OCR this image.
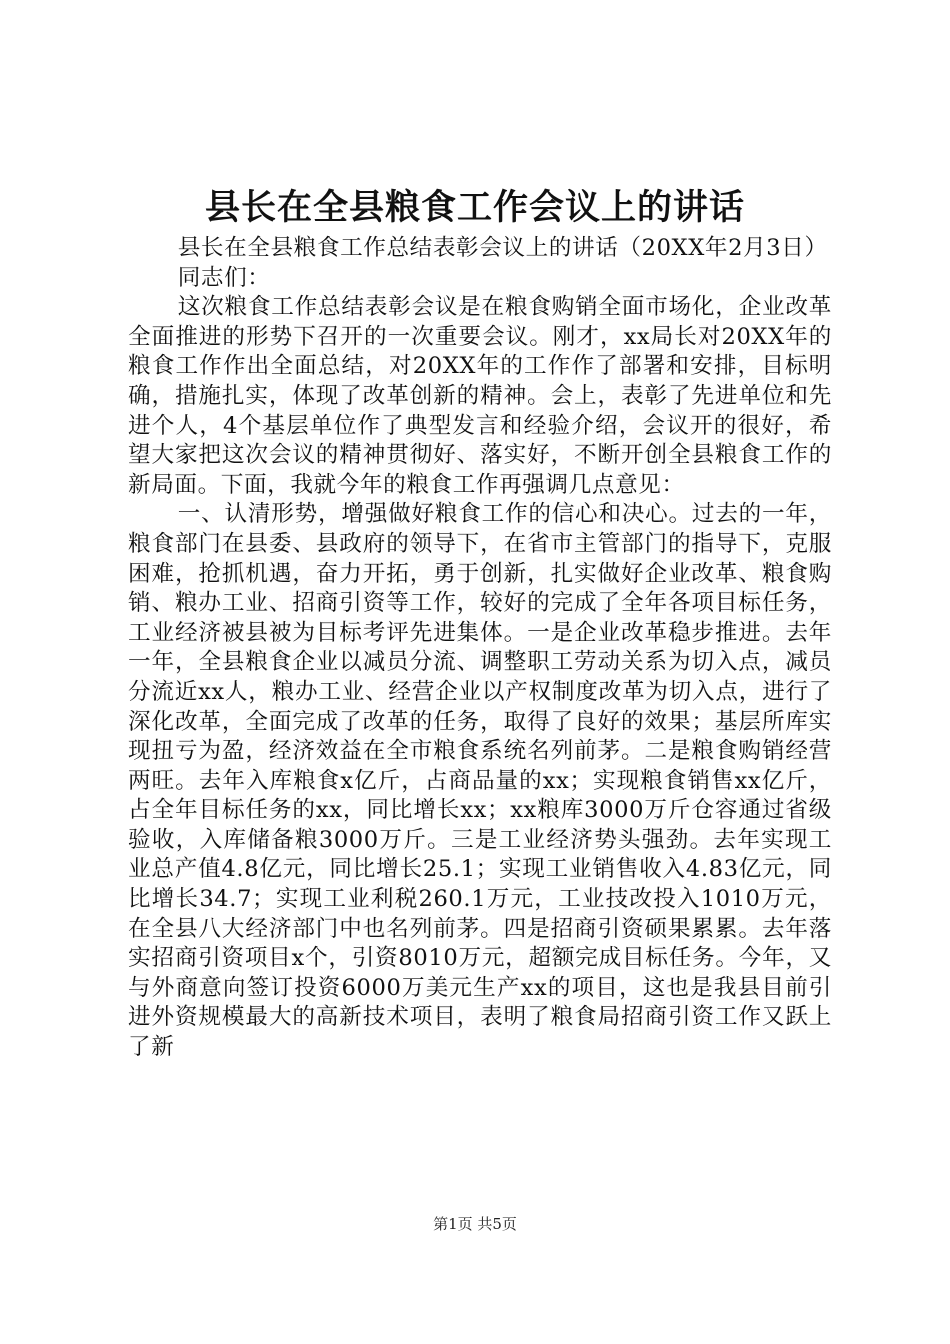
县长在全县粮食工作会议上的讲话

县长在全县粮食工作总结表彰会议上的讲话（20XX年2月3日）

同志们：

这次粮食工作总结表彰会议是在粮食购销全面市场化，企业改革全面推进的形势下召开的一次重要会议。刚才，xx局长对20XX年的粮食工作作出全面总结，对20XX年的工作作了部署和安排，目标明确，措施扎实，体现了改革创新的精神。会上，表彰了先进单位和先进个人，4个基层单位作了典型发言和经验介绍，会议开的很好，希望大家把这次会议的精神贯彻好、落实好，不断开创全县粮食工作的新局面。下面，我就今年的粮食工作再强调几点意见：

一、认清形势，增强做好粮食工作的信心和决心。过去的一年，粮食部门在县委、县政府的领导下，在省市主管部门的指导下，克服困难，抢抓机遇，奋力开拓，勇于创新，扎实做好企业改革、粮食购销、粮办工业、招商引资等工作，较好的完成了全年各项目标任务，工业经济被县被为目标考评先进集体。一是企业改革稳步推进。去年一年，全县粮食企业以减员分流、调整职工劳动关系为切入点，减员分流近xx人，粮办工业、经营企业以产权制度改革为切入点，进行了深化改革，全面完成了改革的任务，取得了良好的效果；基层所库实现扭亏为盈，经济效益在全市粮食系统名列前茅。二是粮食购销经营两旺。去年入库粮食x亿斤，占商品量的xx；实现粮食销售xx亿斤，占全年目标任务的xx，同比增长xx；xx粮库3000万斤仓容通过省级验收，入库储备粮3000万斤。三是工业经济势头强劲。去年实现工业总产值4.8亿元，同比增长25.1；实现工业销售收入4.83亿元，同比增长34.7；实现工业利税260.1万元，工业技改投入1010万元，在全县八大经济部门中也名列前茅。四是招商引资硕果累累。去年落实招商引资项目x个，引资8010万元，超额完成目标任务。今年，又与外商意向签订投资6000万美元生产xx的项目，这也是我县目前引进外资规模最大的高新技术项目，表明了粮食局招商引资工作又跃上了新

第1页 共5页
